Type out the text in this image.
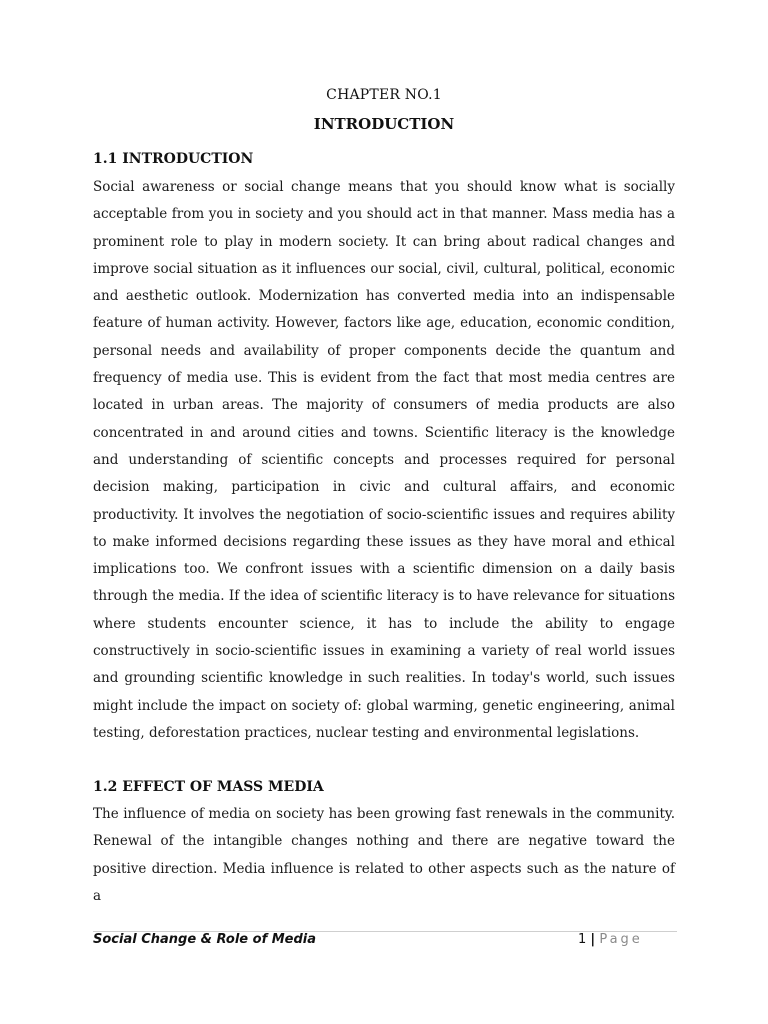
CHAPTER NO.1
INTRODUCTION
1.1 INTRODUCTION

Social awareness or social change means that you should know what is socially acceptable from you in society and you should act in that manner. Mass media has a prominent role to play in modern society. It can bring about radical changes and improve social situation as it influences our social, civil, cultural, political, economic and aesthetic outlook. Modernization has converted media into an indispensable feature of human activity. However, factors like age, education, economic condition, personal needs and availability of proper components decide the quantum and frequency of media use. This is evident from the fact that most media centres are located in urban areas. The majority of consumers of media products are also concentrated in and around cities and towns. Scientific literacy is the knowledge and understanding of scientific concepts and processes required for personal decision making, participation in civic and cultural affairs, and economic productivity. It involves the negotiation of socio-scientific issues and requires ability to make informed decisions regarding these issues as they have moral and ethical implications too. We confront issues with a scientific dimension on a daily basis through the media. If the idea of scientific literacy is to have relevance for situations where students encounter science, it has to include the ability to engage constructively in socio-scientific issues in examining a variety of real world issues and grounding scientific knowledge in such realities. In today's world, such issues might include the impact on society of: global warming, genetic engineering, animal testing, deforestation practices, nuclear testing and environmental legislations.

1.2 EFFECT OF MASS MEDIA

The influence of media on society has been growing fast renewals in the community. Renewal of the intangible changes nothing and there are negative toward the positive direction. Media influence is related to other aspects such as the nature of a

Social Change & Role of Media	1 | Page
